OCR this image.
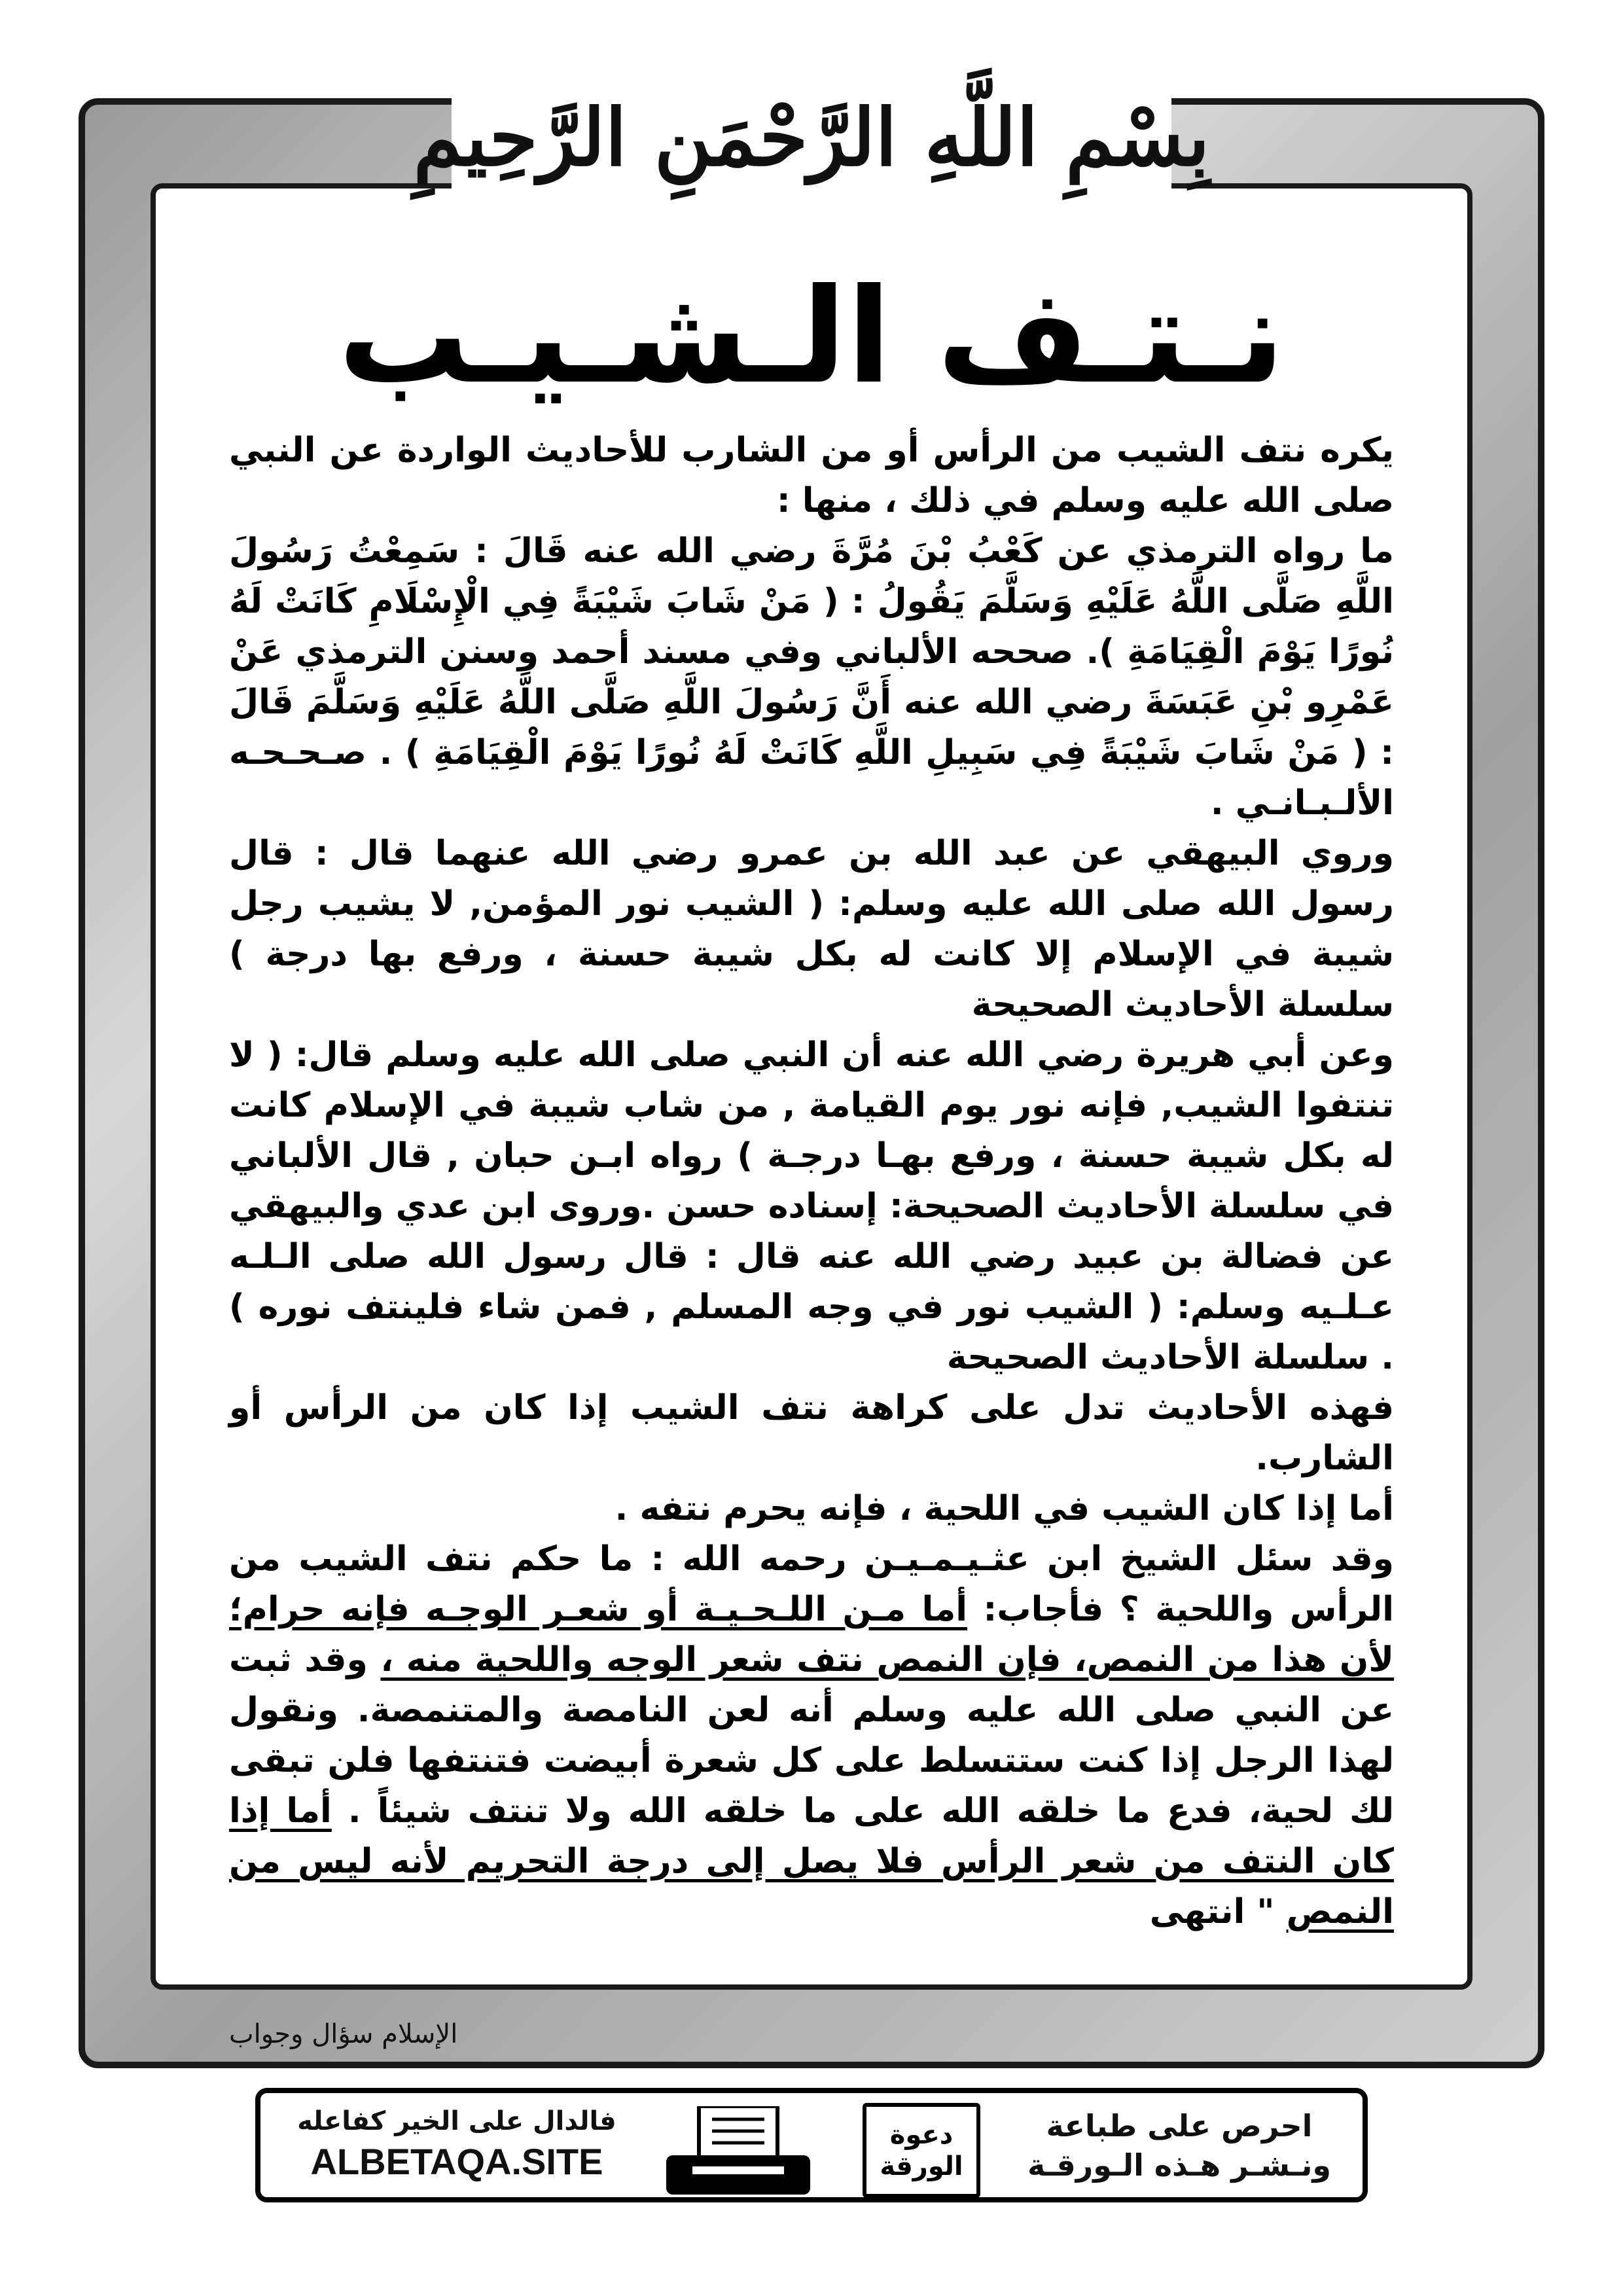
بِسْمِ اللَّهِ الرَّحْمَنِ الرَّحِيمِ
نـتـف الـشـيـب

يكره نتف الشيب من الرأس أو من الشارب للأحاديث الواردة عن النبي صلى الله عليه وسلم في ذلك ، منها :

ما رواه الترمذي عن كَعْبُ بْنَ مُرَّةَ رضي الله عنه قَالَ : سَمِعْتُ رَسُولَ اللَّهِ صَلَّى اللَّهُ عَلَيْهِ وَسَلَّمَ يَقُولُ : ( مَنْ شَابَ شَيْبَةً فِي الْإِسْلَامِ كَانَتْ لَهُ نُورًا يَوْمَ الْقِيَامَةِ ). صححه الألباني وفي مسند أحمد وسنن الترمذي عَنْ عَمْرِو بْنِ عَبَسَةَ رضي الله عنه أَنَّ رَسُولَ اللَّهِ صَلَّى اللَّهُ عَلَيْهِ وَسَلَّمَ قَالَ : ( مَنْ شَابَ شَيْبَةً فِي سَبِيلِ اللَّهِ كَانَتْ لَهُ نُورًا يَوْمَ الْقِيَامَةِ ) . صـحـحـه الألـبـانـي .

وروي البيهقي عن عبد الله بن عمرو رضي الله عنهما قال : قال رسول الله صلى الله عليه وسلم: ( الشيب نور المؤمن, لا يشيب رجل شيبة في الإسلام إلا كانت له بكل شيبة حسنة ، ورفع بها درجة ) سلسلة الأحاديث الصحيحة

وعن أبي هريرة رضي الله عنه أن النبي صلى الله عليه وسلم قال: ( لا تنتفوا الشيب, فإنه نور يوم القيامة , من شاب شيبة في الإسلام كانت له بكل شيبة حسنة ، ورفع بهـا درجـة ) رواه ابـن حبان , قال الألباني في سلسلة الأحاديث الصحيحة: إسناده حسن .وروى ابن عدي والبيهقي عن فضالة بن عبيد رضي الله عنه قال : قال رسول الله صلى الـلـه عـلـيه وسلم: ( الشيب نور في وجه المسلم , فمن شاء فلينتف نوره ) . سلسلة الأحاديث الصحيحة

فهذه الأحاديث تدل على كراهة نتف الشيب إذا كان من الرأس أو الشارب.

أما إذا كان الشيب في اللحية ، فإنه يحرم نتفه .

وقد سئل الشيخ ابن عثـيـمـيـن رحمه الله : ما حكم نتف الشيب من الرأس واللحية ؟ فأجاب: أما مـن اللـحـيـة أو شعـر الوجـه فإنه حرام؛ لأن هذا من النمص، فإن النمص نتف شعر الوجه واللحية منه ، وقد ثبت عن النبي صلى الله عليه وسلم أنه لعن النامصة والمتنمصة. ونقول لهذا الرجل إذا كنت ستتسلط على كل شعرة أبيضت فتنتفها فلن تبقى لك لحية، فدع ما خلقه الله على ما خلقه الله ولا تنتف شيئاً . أما إذا كان النتف من شعر الرأس فلا يصل إلى درجة التحريم لأنه ليس من النمص " انتهى

الإسلام سؤال وجواب
فالدال على الخير كفاعله
ALBETAQA.SITE
دعوة الورقة
احرص على طباعة
ونـشـر هـذه الـورقـة
